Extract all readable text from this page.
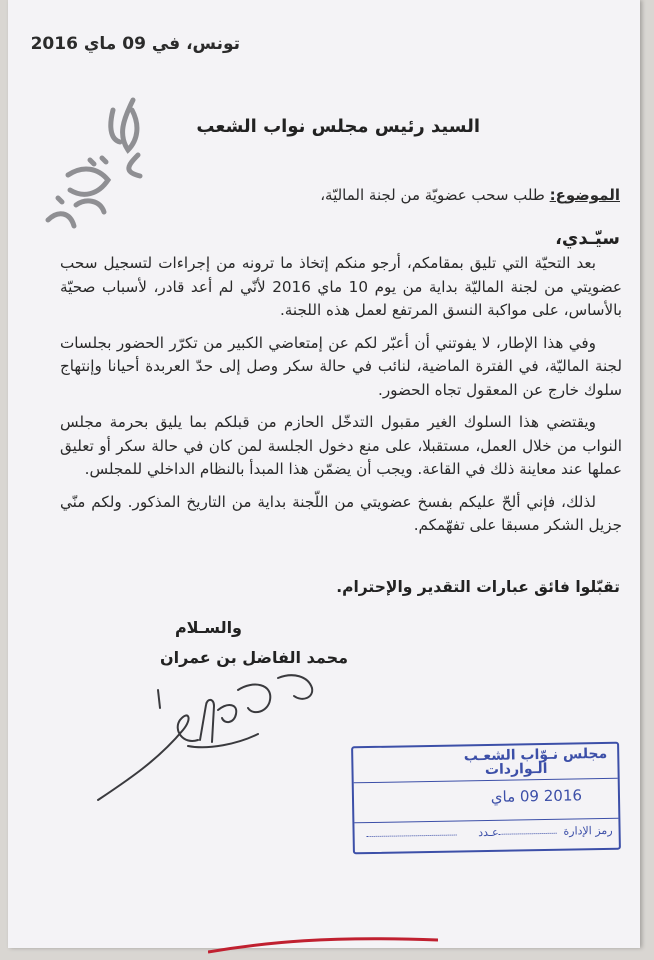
تونس، في 09 ماي 2016
السيد رئيس مجلس نواب الشعب
الموضوع: طلب سحب عضويّة من لجنة الماليّة،
سيّـدي،

بعد التحيّة التي تليق بمقامكم، أرجو منكم إتخاذ ما ترونه من إجراءات لتسجيل سحب عضويتي من لجنة الماليّة بداية من يوم 10 ماي 2016 لأنّي لم أعد قادر، لأسباب صحيّة بالأساس، على مواكبة النسق المرتفع لعمل هذه اللجنة.

وفي هذا الإطار، لا يفوتني أن أعبّر لكم عن إمتعاضي الكبير من تكرّر الحضور بجلسات لجنة الماليّة، في الفترة الماضية، لنائب في حالة سكر وصل إلى حدّ العربدة أحيانا وإنتهاج سلوك خارج عن المعقول تجاه الحضور.

ويقتضي هذا السلوك الغير مقبول التدخّل الحازم من قبلكم بما يليق بحرمة مجلس النواب من خلال العمل، مستقبلا، على منع دخول الجلسة لمن كان في حالة سكر أو تعليق عملها عند معاينة ذلك في القاعة. ويجب أن يضمّن هذا المبدأ بالنظام الداخلي للمجلس.

لذلك، فإني ألحّ عليكم بفسخ عضويتي من اللّجنة بداية من التاريخ المذكور. ولكم منّي جزيل الشكر مسبقا على تفهّمكم.

تقبّلوا فائق عبارات التقدير والإحترام.
والسـلام
محمد الفاضل بن عمران
مجلس نـوّاب الشعـب
الـواردات
2016 09 ماي
رمز الإدارة
عـدد
